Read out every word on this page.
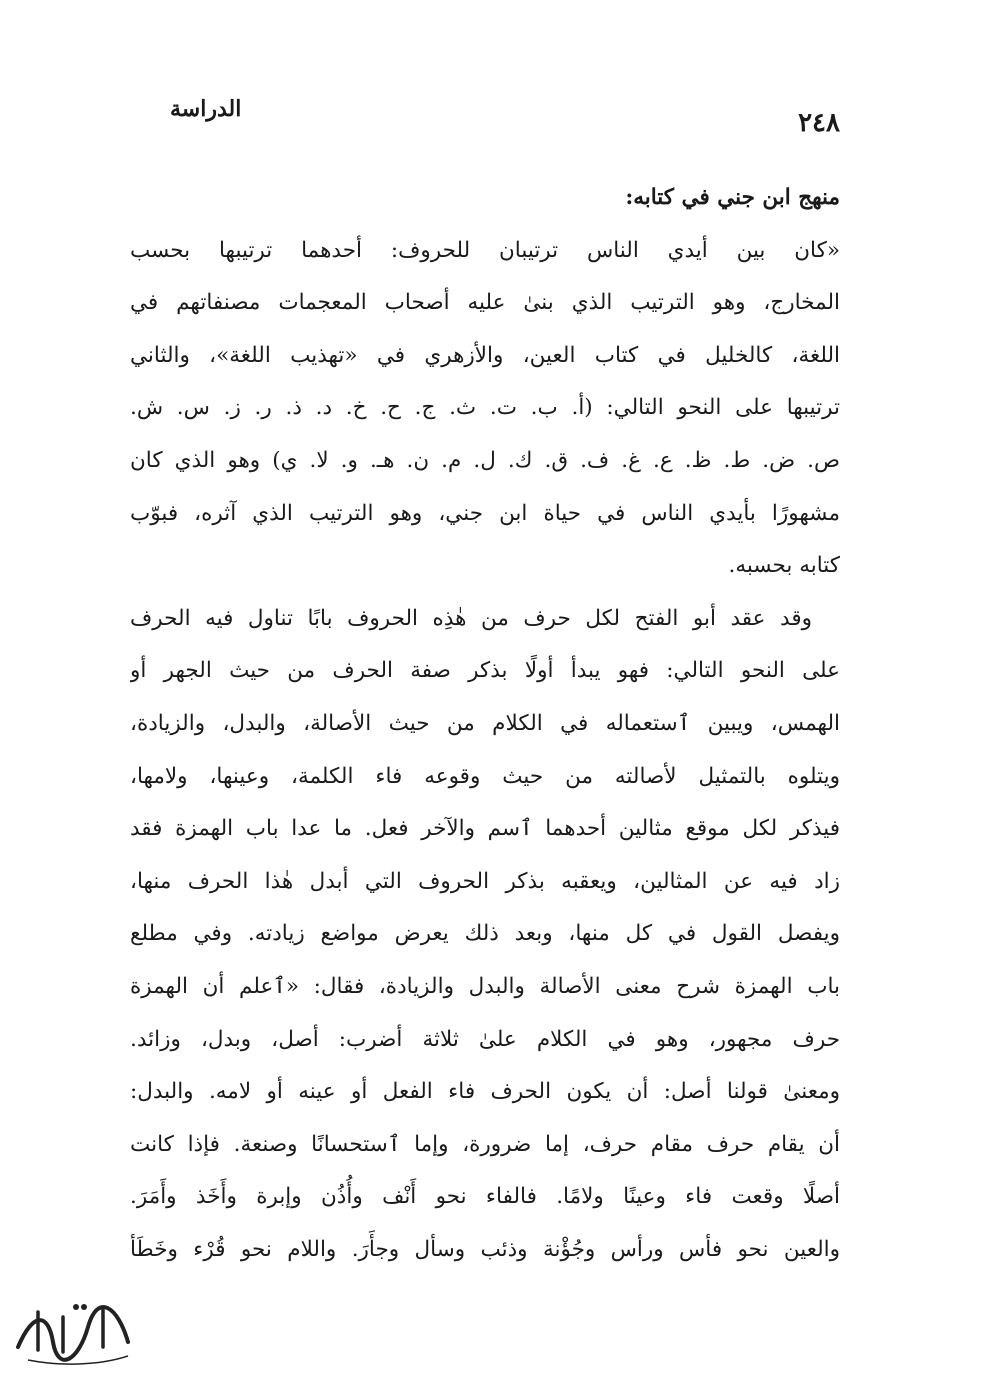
٢٤٨
الدراسة
منهج ابن جني في كتابه:
«كان بين أيدي الناس ترتيبان للحروف: أحدهما ترتيبها بحسب
المخارج، وهو الترتيب الذي بنىٰ عليه أصحاب المعجمات مصنفاتهم في
اللغة، كالخليل في كتاب العين، والأزهري في «تهذيب اللغة»، والثاني
ترتيبها على النحو التالي: (أ. ب. ت. ث. ج. ح. خ. د. ذ. ر. ز. س. ش.
ص. ض. ط. ظ. ع. غ. ف. ق. ك. ل. م. ن. هـ. و. لا. ي) وهو الذي كان
مشهورًا بأيدي الناس في حياة ابن جني، وهو الترتيب الذي آثره، فبوّب
كتابه بحسبه.
وقد عقد أبو الفتح لكل حرف من هٰذِه الحروف بابًا تناول فيه الحرف
على النحو التالي: فهو يبدأ أولًا بذكر صفة الحرف من حيث الجهر أو
الهمس، ويبين ٱستعماله في الكلام من حيث الأصالة، والبدل، والزيادة،
ويتلوه بالتمثيل لأصالته من حيث وقوعه فاء الكلمة، وعينها، ولامها،
فيذكر لكل موقع مثالين أحدهما ٱسم والآخر فعل. ما عدا باب الهمزة فقد
زاد فيه عن المثالين، ويعقبه بذكر الحروف التي أبدل هٰذا الحرف منها،
ويفصل القول في كل منها، وبعد ذلك يعرض مواضع زيادته. وفي مطلع
باب الهمزة شرح معنى الأصالة والبدل والزيادة، فقال: «ٱعلم أن الهمزة
حرف مجهور، وهو في الكلام علىٰ ثلاثة أضرب: أصل، وبدل، وزائد.
ومعنىٰ قولنا أصل: أن يكون الحرف فاء الفعل أو عينه أو لامه. والبدل:
أن يقام حرف مقام حرف، إما ضرورة، وإما ٱستحسانًا وصنعة. فإذا كانت
أصلًا وقعت فاء وعينًا ولامًا. فالفاء نحو أَنْف وأُذُن وإبرة وأَخَذ وأَمَرَ.
والعين نحو فأس ورأس وجُؤْنة وذئب وسأل وجأَرَ. واللام نحو قُرْء وخَطَأ
